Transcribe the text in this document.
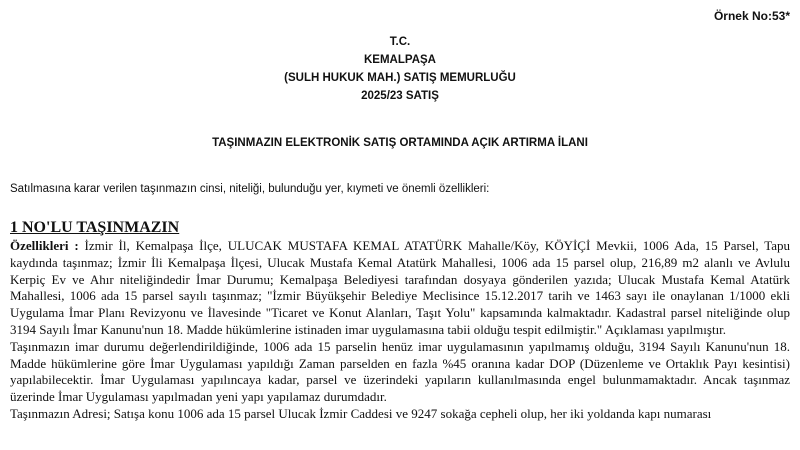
Örnek No:53*
T.C.
KEMALPAŞA
(SULH HUKUK MAH.) SATIŞ MEMURLUĞU
2025/23 SATIŞ
TAŞINMAZIN ELEKTRONİK SATIŞ ORTAMINDA AÇIK ARTIRMA İLANI
Satılmasına karar verilen taşınmazın cinsi, niteliği, bulunduğu yer, kıymeti ve önemli özellikleri:
1 NO'LU TAŞINMAZIN

Özellikleri : İzmir İl, Kemalpaşa İlçe, ULUCAK MUSTAFA KEMAL ATATÜRK Mahalle/Köy, KÖYİÇİ Mevkii, 1006 Ada, 15 Parsel, Tapu kaydında taşınmaz; İzmir İli Kemalpaşa İlçesi, Ulucak Mustafa Kemal Atatürk Mahallesi, 1006 ada 15 parsel olup, 216,89 m2 alanlı ve Avlulu Kerpiç Ev ve Ahır niteliğindedir İmar Durumu; Kemalpaşa Belediyesi tarafından dosyaya gönderilen yazıda; Ulucak Mustafa Kemal Atatürk Mahallesi, 1006 ada 15 parsel sayılı taşınmaz; "İzmir Büyükşehir Belediye Meclisince 15.12.2017 tarih ve 1463 sayı ile onaylanan 1/1000 ekli Uygulama İmar Planı Revizyonu ve İlavesinde "Ticaret ve Konut Alanları, Taşıt Yolu" kapsamında kalmaktadır. Kadastral parsel niteliğinde olup 3194 Sayılı İmar Kanunu'nun 18. Madde hükümlerine istinaden imar uygulamasına tabii olduğu tespit edilmiştir." Açıklaması yapılmıştır.

Taşınmazın imar durumu değerlendirildiğinde, 1006 ada 15 parselin henüz imar uygulamasının yapılmamış olduğu, 3194 Sayılı Kanunu'nun 18. Madde hükümlerine göre İmar Uygulaması yapıldığı Zaman parselden en fazla %45 oranına kadar DOP (Düzenleme ve Ortaklık Payı kesintisi) yapılabilecektir. İmar Uygulaması yapılıncaya kadar, parsel ve üzerindeki yapıların kullanılmasında engel bulunmamaktadır. Ancak taşınmaz üzerinde İmar Uygulaması yapılmadan yeni yapı yapılamaz durumdadır.

Taşınmazın Adresi; Satışa konu 1006 ada 15 parsel Ulucak İzmir Caddesi ve 9247 sokağa cepheli olup, her iki yoldanda kapı numarası
